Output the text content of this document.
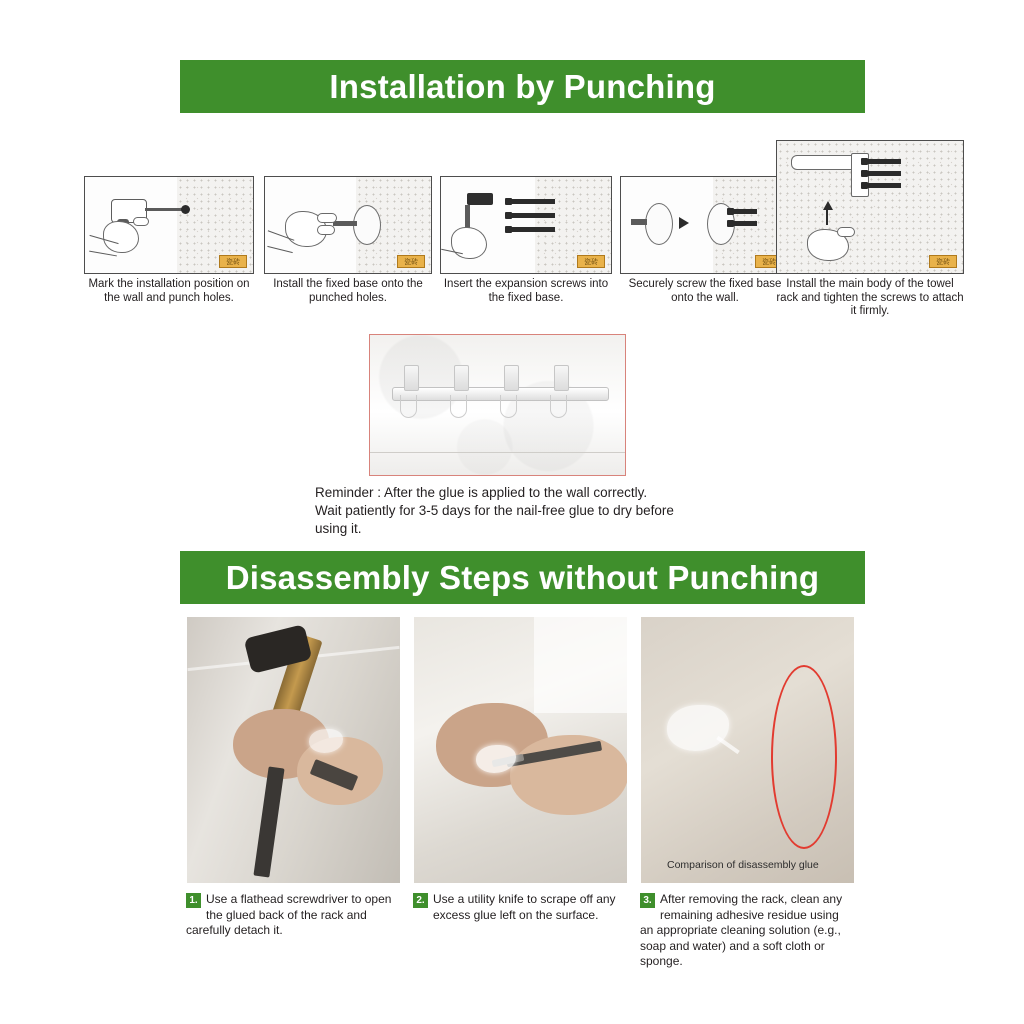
Installation by Punching
瓷砖
Mark the installation position on the wall and punch holes.
瓷砖
Install the fixed base onto the punched holes.
瓷砖
Insert the expansion screws into the fixed base.
瓷砖
Securely screw the fixed base onto the wall.
瓷砖
Install the main body of the towel rack and tighten the screws to attach it firmly.
Reminder : After the glue is applied to the wall correctly.
Wait patiently for 3-5 days for the nail-free glue to dry before
using it.
Disassembly Steps without Punching
Comparison of disassembly glue
1. Use a flathead screwdriver to open the glued back of the rack and carefully detach it.
2. Use a utility knife to scrape off any excess glue left on the surface.
3. After removing the rack, clean any remaining adhesive residue using an appropriate cleaning solution (e.g., soap and water) and a soft cloth or sponge.
